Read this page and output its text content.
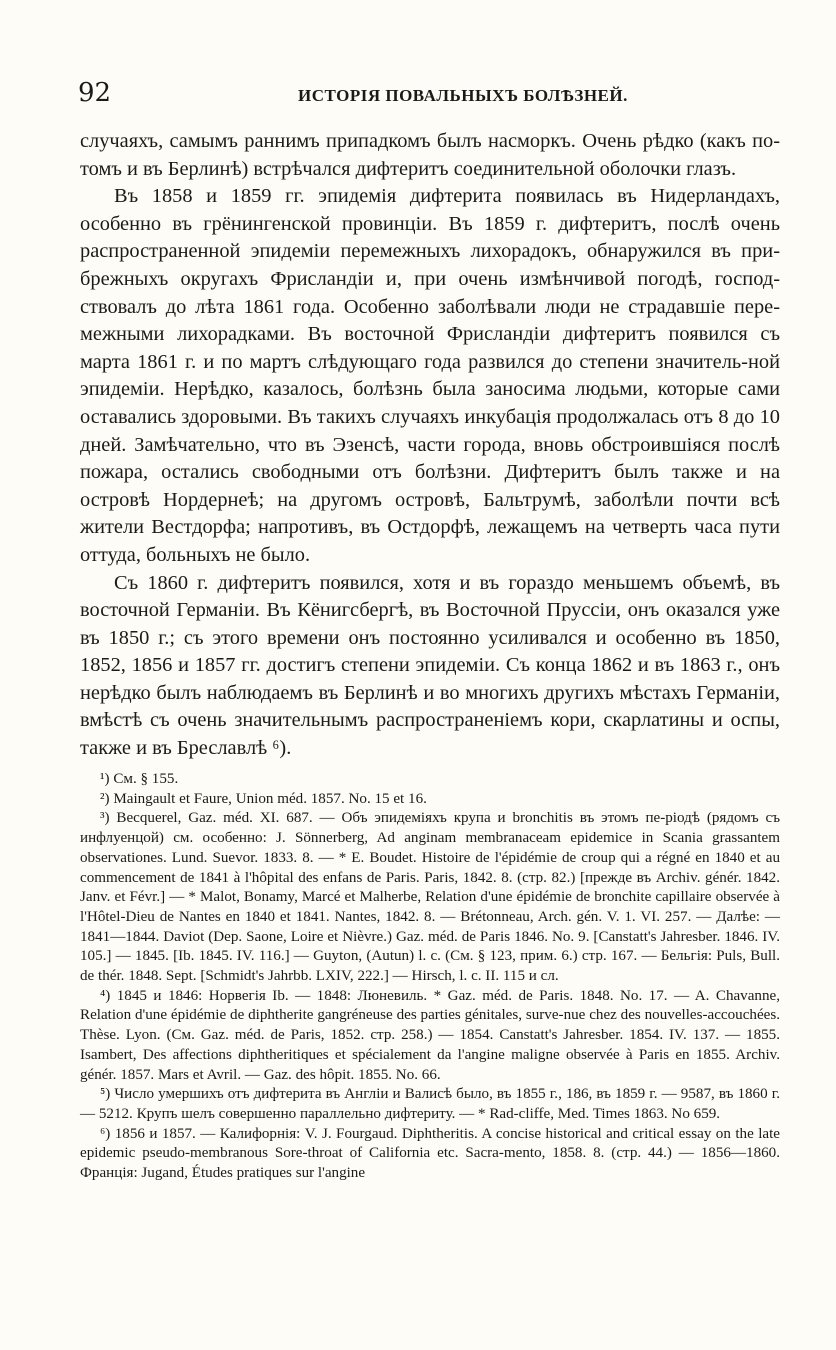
92	ИСТОРІЯ ПОВАЛЬНЫХЪ БОЛѢЗНЕЙ.

случаяхъ, самымъ раннимъ припадкомъ былъ насморкъ. Очень рѣдко (какъ по-томъ и въ Берлинѣ) встрѣчался дифтеритъ соединительной оболочки глазъ.

Въ 1858 и 1859 гг. эпидемія дифтерита появилась въ Нидерландахъ, особенно въ грёнингенской провинціи. Въ 1859 г. дифтеритъ, послѣ очень распространенной эпидеміи перемежныхъ лихорадокъ, обнаружился въ при-брежныхъ округахъ Фрисландіи и, при очень измѣнчивой погодѣ, господ-ствовалъ до лѣта 1861 года. Особенно заболѣвали люди не страдавшіе пере-межными лихорадками. Въ восточной Фрисландіи дифтеритъ появился съ марта 1861 г. и по мартъ слѣдующаго года развился до степени значитель-ной эпидеміи. Нерѣдко, казалось, болѣзнь была заносима людьми, которые сами оставались здоровыми. Въ такихъ случаяхъ инкубація продолжалась отъ 8 до 10 дней. Замѣчательно, что въ Эзенсѣ, части города, вновь обстроившіяся послѣ пожара, остались свободными отъ болѣзни. Дифтеритъ былъ также и на островѣ Нордернеѣ; на другомъ островѣ, Бальтрумѣ, заболѣли почти всѣ жители Вестдорфа; напротивъ, въ Остдорфѣ, лежащемъ на четверть часа пути оттуда, больныхъ не было.

Съ 1860 г. дифтеритъ появился, хотя и въ гораздо меньшемъ объемѣ, въ восточной Германіи. Въ Кёнигсбергѣ, въ Восточной Пруссіи, онъ оказался уже въ 1850 г.; съ этого времени онъ постоянно усиливался и особенно въ 1850, 1852, 1856 и 1857 гг. достигъ степени эпидеміи. Съ конца 1862 и въ 1863 г., онъ нерѣдко былъ наблюдаемъ въ Берлинѣ и во многихъ другихъ мѣстахъ Германіи, вмѣстѣ съ очень значительнымъ распространеніемъ кори, скарлатины и оспы, также и въ Бреславлѣ ⁶).

¹) См. § 155.

²) Maingault et Faure, Union méd. 1857. No. 15 et 16.

³) Becquerel, Gaz. méd. XI. 687. — Объ эпидеміяхъ крупа и bronchitis въ этомъ пе-ріодѣ (рядомъ съ инфлуенцой) см. особенно: J. Sönnerberg, Ad anginam membranaceam epidemice in Scania grassantem observationes. Lund. Suevor. 1833. 8. — * E. Boudet. Histoire de l'épidémie de croup qui a régné en 1840 et au commencement de 1841 à l'hôpital des enfans de Paris. Paris, 1842. 8. (стр. 82.) [прежде въ Archiv. génér. 1842. Janv. et Févr.] — * Malot, Bonamy, Marcé et Malherbe, Relation d'une épidémie de bronchite capillaire observée à l'Hôtel-Dieu de Nantes en 1840 et 1841. Nantes, 1842. 8. — Brétonneau, Arch. gén. V. 1. VI. 257. — Далѣе: — 1841—1844. Daviot (Dep. Saone, Loire et Nièvre.) Gaz. méd. de Paris 1846. No. 9. [Canstatt's Jahresber. 1846. IV. 105.] — 1845. [Ib. 1845. IV. 116.] — Guyton, (Autun) l. c. (См. § 123, прим. 6.) стр. 167. — Бельгія: Puls, Bull. de thér. 1848. Sept. [Schmidt's Jahrbb. LXIV, 222.] — Hirsch, l. c. II. 115 и сл.

⁴) 1845 и 1846: Норвегія Ib. — 1848: Люневиль. * Gaz. méd. de Paris. 1848. No. 17. — A. Chavanne, Relation d'une épidémie de diphtherite gangréneuse des parties génitales, surve-nue chez des nouvelles-accouchées. Thèse. Lyon. (См. Gaz. méd. de Paris, 1852. стр. 258.) — 1854. Canstatt's Jahresber. 1854. IV. 137. — 1855. Isambert, Des affections diphtheritiques et spécialement da l'angine maligne observée à Paris en 1855. Archiv. génér. 1857. Mars et Avril. — Gaz. des hôpit. 1855. No. 66.

⁵) Число умершихъ отъ дифтерита въ Англіи и Валисѣ было, въ 1855 г., 186, въ 1859 г. — 9587, въ 1860 г. — 5212. Крупъ шелъ совершенно параллельно дифтериту. — * Rad-cliffe, Med. Times 1863. No 659.

⁶) 1856 и 1857. — Калифорнія: V. J. Fourgaud. Diphtheritis. A concise historical and critical essay on the late epidemic pseudo-membranous Sore-throat of California etc. Sacra-mento, 1858. 8. (стр. 44.) — 1856—1860. Франція: Jugand, Études pratiques sur l'angine
